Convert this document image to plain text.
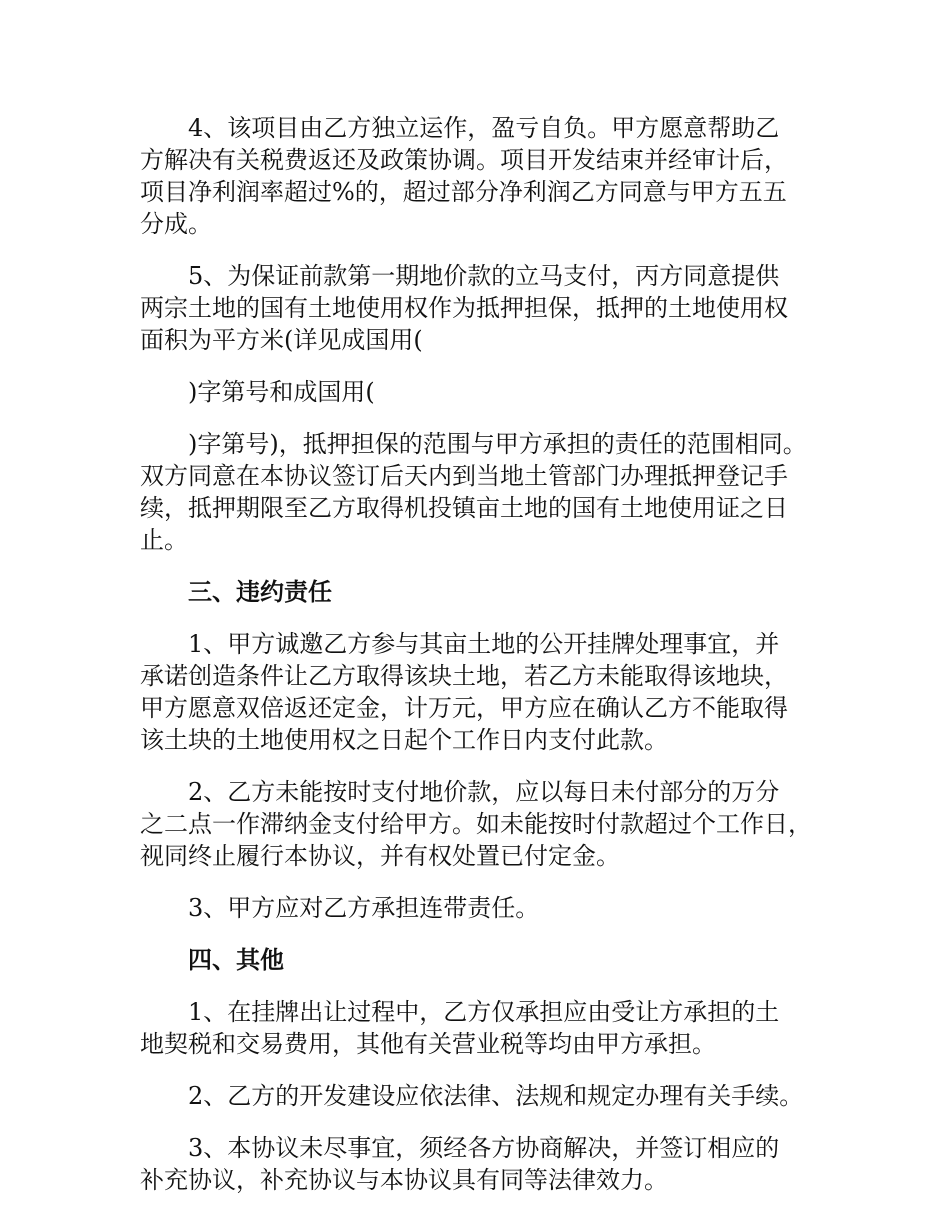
4、该项目由乙方独立运作，盈亏自负。甲方愿意帮助乙
方解决有关税费返还及政策协调。项目开发结束并经审计后，
项目净利润率超过%的，超过部分净利润乙方同意与甲方五五
分成。

5、为保证前款第一期地价款的立马支付，丙方同意提供
两宗土地的国有土地使用权作为抵押担保，抵押的土地使用权
面积为平方米(详见成国用(

)字第号和成国用(

)字第号)，抵押担保的范围与甲方承担的责任的范围相同。
双方同意在本协议签订后天内到当地土管部门办理抵押登记手
续，抵押期限至乙方取得机投镇亩土地的国有土地使用证之日
止。

三、违约责任

1、甲方诚邀乙方参与其亩土地的公开挂牌处理事宜，并
承诺创造条件让乙方取得该块土地，若乙方未能取得该地块，
甲方愿意双倍返还定金，计万元，甲方应在确认乙方不能取得
该土块的土地使用权之日起个工作日内支付此款。

2、乙方未能按时支付地价款，应以每日未付部分的万分
之二点一作滞纳金支付给甲方。如未能按时付款超过个工作日，
视同终止履行本协议，并有权处置已付定金。

3、甲方应对乙方承担连带责任。

四、其他

1、在挂牌出让过程中，乙方仅承担应由受让方承担的土
地契税和交易费用，其他有关营业税等均由甲方承担。

2、乙方的开发建设应依法律、法规和规定办理有关手续。

3、本协议未尽事宜，须经各方协商解决，并签订相应的
补充协议，补充协议与本协议具有同等法律效力。
